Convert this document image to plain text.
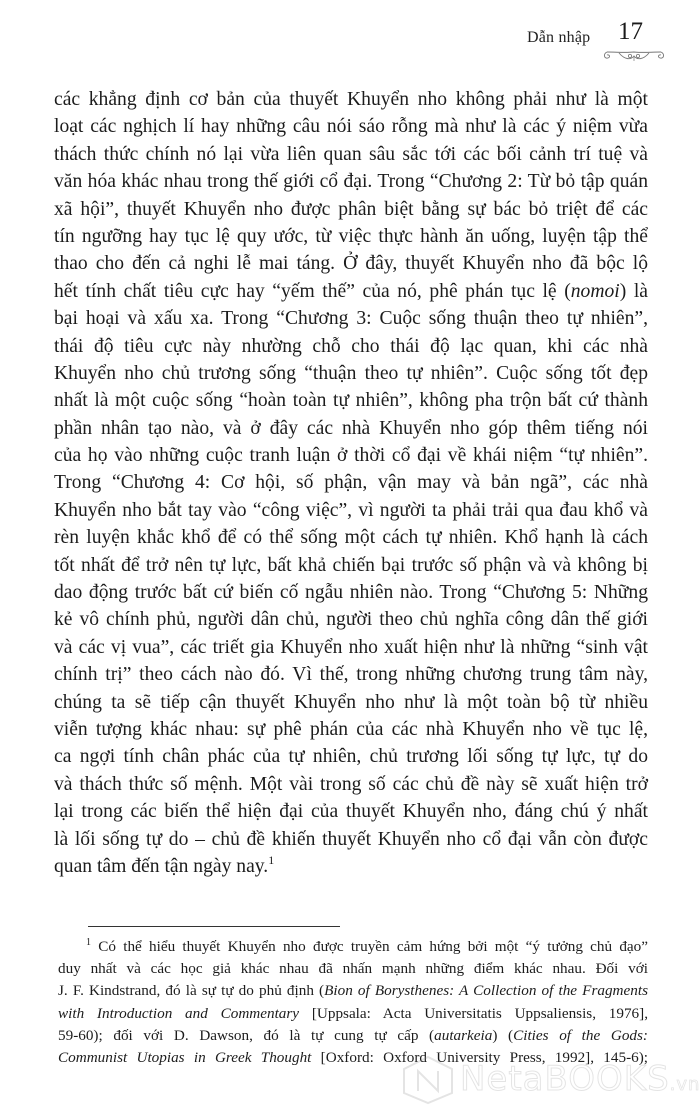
Dẫn nhập 17
các khẳng định cơ bản của thuyết Khuyển nho không phải như là một
loạt các nghịch lí hay những câu nói sáo rỗng mà như là các ý niệm vừa
thách thức chính nó lại vừa liên quan sâu sắc tới các bối cảnh trí tuệ và
văn hóa khác nhau trong thế giới cổ đại. Trong “Chương 2: Từ bỏ tập quán
xã hội”, thuyết Khuyển nho được phân biệt bằng sự bác bỏ triệt để các
tín ngưỡng hay tục lệ quy ước, từ việc thực hành ăn uống, luyện tập thể
thao cho đến cả nghi lễ mai táng. Ở đây, thuyết Khuyển nho đã bộc lộ
hết tính chất tiêu cực hay “yếm thế” của nó, phê phán tục lệ (nomoi) là
bại hoại và xấu xa. Trong “Chương 3: Cuộc sống thuận theo tự nhiên”,
thái độ tiêu cực này nhường chỗ cho thái độ lạc quan, khi các nhà
Khuyển nho chủ trương sống “thuận theo tự nhiên”. Cuộc sống tốt đẹp
nhất là một cuộc sống “hoàn toàn tự nhiên”, không pha trộn bất cứ thành
phần nhân tạo nào, và ở đây các nhà Khuyển nho góp thêm tiếng nói
của họ vào những cuộc tranh luận ở thời cổ đại về khái niệm “tự nhiên”.
Trong “Chương 4: Cơ hội, số phận, vận may và bản ngã”, các nhà
Khuyển nho bắt tay vào “công việc”, vì người ta phải trải qua đau khổ và
rèn luyện khắc khổ để có thể sống một cách tự nhiên. Khổ hạnh là cách
tốt nhất để trở nên tự lực, bất khả chiến bại trước số phận và và không bị
dao động trước bất cứ biến cố ngẫu nhiên nào. Trong “Chương 5: Những
kẻ vô chính phủ, người dân chủ, người theo chủ nghĩa công dân thế giới
và các vị vua”, các triết gia Khuyển nho xuất hiện như là những “sinh vật
chính trị” theo cách nào đó. Vì thế, trong những chương trung tâm này,
chúng ta sẽ tiếp cận thuyết Khuyển nho như là một toàn bộ từ nhiều
viễn tượng khác nhau: sự phê phán của các nhà Khuyển nho về tục lệ,
ca ngợi tính chân phác của tự nhiên, chủ trương lối sống tự lực, tự do
và thách thức số mệnh. Một vài trong số các chủ đề này sẽ xuất hiện trở
lại trong các biến thể hiện đại của thuyết Khuyển nho, đáng chú ý nhất
là lối sống tự do – chủ đề khiến thuyết Khuyển nho cổ đại vẫn còn được
quan tâm đến tận ngày nay.$^1$
$^1$ Có thể hiểu thuyết Khuyển nho được truyền cảm hứng bởi một “ý tưởng chủ đạo”
duy nhất và các học giả khác nhau đã nhấn mạnh những điểm khác nhau. Đối với
J. F. Kindstrand, đó là sự tự do phủ định (Bion of Borysthenes: A Collection of the Fragments
with Introduction and Commentary [Uppsala: Acta Universitatis Uppsaliensis, 1976],
59-60); đối với D. Dawson, đó là tự cung tự cấp (autarkeia) (Cities of the Gods:
Communist Utopias in Greek Thought [Oxford: Oxford University Press, 1992], 145-6);
NetaBOOKS.vn
